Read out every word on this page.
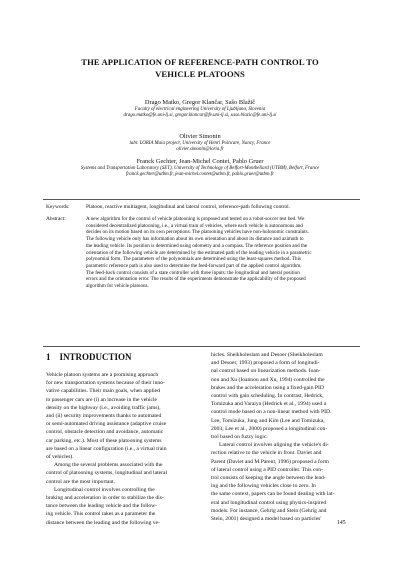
THE APPLICATION OF REFERENCE-PATH CONTROL TO
VEHICLE PLATOONS
Drago Matko, Gregor Klančar, Sašo Blažič
Faculty of electrical engineering University of Ljubljana, Slovenia
drago.matko@fe.uni-lj.si, gregor.klancar@fe.uni-lj.si, saso.blazic@fe.uni-lj.si
Olivier Simonin
labr. LORIA Maia project, University of Henri Poincare, Nancy, France
olivier.simonin@loria.fr
Franck Gechter, Jean-Michel Contet, Pablo Gruer
Systems and Transportation Laboratory (SET), University of Technology of Belfort-Montbéliard (UTBM), Belfort, France
franck.gechter@utbm.fr, jean-michel.contet@utbm.fr, pablo.gruer@utbm.fr
Keywords:	Platoon, reactive multiagent, longitudinal and lateral control, reference-path following control.
Abstract:	A new algorithm for the control of vehicle platooning is proposed and tested on a robot-soccer test bed. We
considered decentralized platooning, i.e., a virtual train of vehicles, where each vehicle is autonomous and
decides on its motion based on its own perceptions. The platooning vehicles have non-holonomic constraints.
The following vehicle only has information about its own orientation and about its distance and azimuth to
the leading vehicle. Its position is determined using odometry and a compass. The reference position and the
orientation of the following vehicle are determined by the estimated path of the leading vehicle in a parametric
polynomial form. The parameters of the polynomials are determined using the least-squares method. This
parametric reference path is also used to determine the feed-forward part of the applied control algorithm.
The feed-back control consists of a state controller with three inputs: the longitudinal and lateral position
errors and the orientation error. The results of the experiments demonstrate the applicability of the proposed
algorithm for vehicle platoons.
1 INTRODUCTION
Vehicle platoon systems are a promising approach
for new transportation systems because of their inno-
vative capabilities. Their main goals, when applied
to passenger cars are (i) an increase in the vehicle
density on the highway (i.e., avoiding traffic jams),
and (ii) security improvements thanks to automated
or semi-automated driving assistance (adaptive cruise
control, obstacle detection and avoidance, automatic
car parking, etc.). Most of these platooning systems
are based on a linear configuration (i.e., a virtual train
of vehicles).
Among the several problems associated with the
control of platooning systems, longitudinal and lateral
control are the most important.
Longitudinal control involves controlling the
braking and acceleration in order to stabilize the dis-
tance between the leading vehicle and the follow-
ing vehicle. This control takes as a parameter the
distance between the leading and the following ve-
hicles. Sheikholeslam and Desoer (Sheikholeslam
and Desoer, 1993) proposed a form of longitudi-
nal control based on linearization methods. Ioan-
nou and Xu (Ioannou and Xu, 1994) controlled the
brakes and the acceleration using a fixed-gain PID
control with gain scheduling. In contrast, Hedrick,
Tomizuka and Varaiya (Hedrick et al., 1994) used a
control mode based on a non-linear method with PID.
Lee, Tomizuka, Jung and Kim (Lee and Tomizuka,
2003; Lee et al., 2000) proposed a longitudinal con-
trol based on fuzzy logic.
Lateral control involves aligning the vehicle's di-
rection relative to the vehicle in front. Daviet and
Parent (Daviet and M.Parent, 1996) proposed a form
of lateral control using a PID controller. This con-
trol consists of keeping the angle between the lead-
ing and the following vehicles close to zero. In
the same context, papers can be found dealing with lat-
eral and longitudinal control using physics-inspired
models. For instance, Gehrig and Stein (Gehrig and
Stein, 2001) designed a model based on particles'
145
